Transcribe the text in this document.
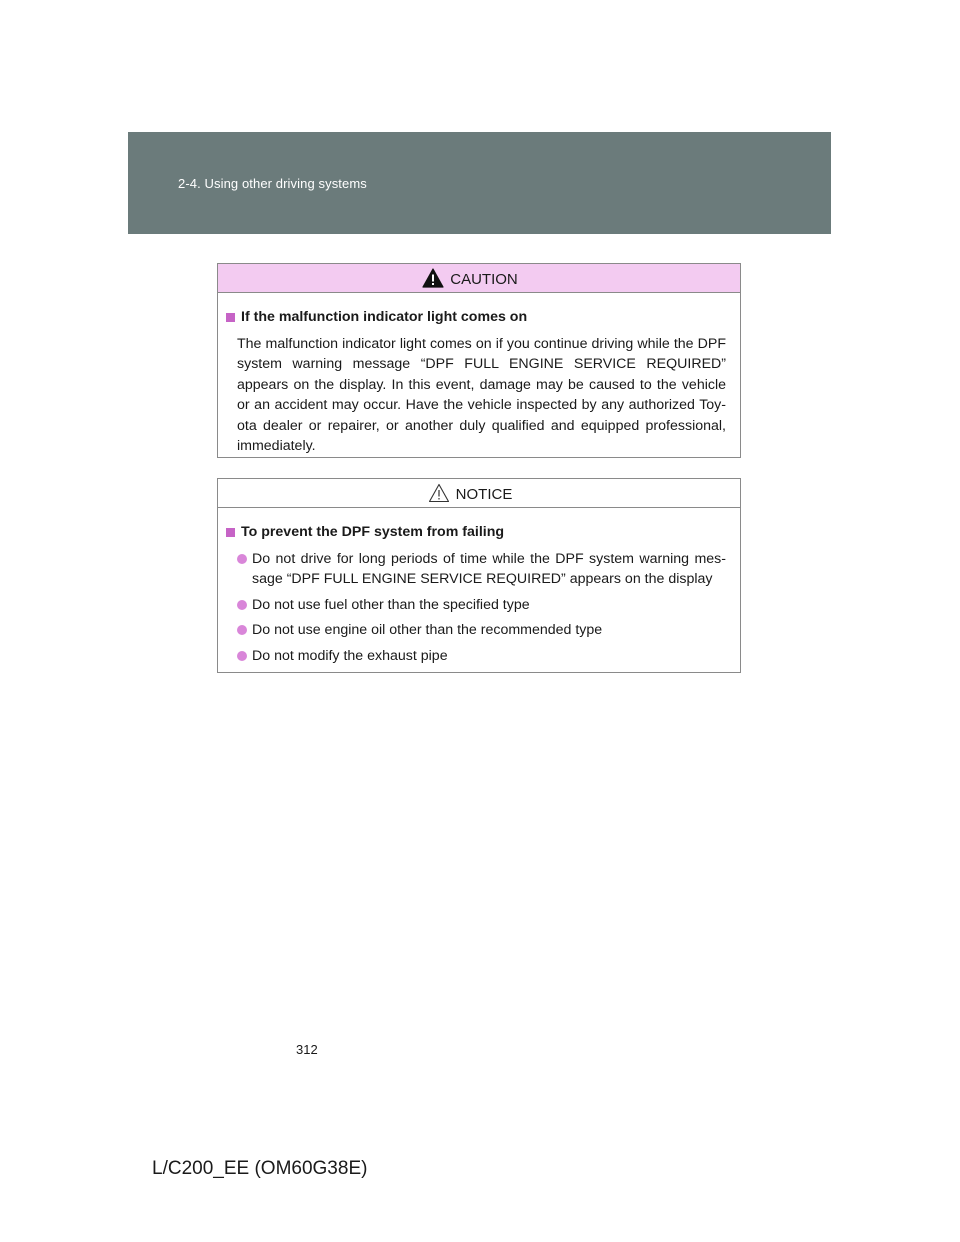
2-4. Using other driving systems
CAUTION
If the malfunction indicator light comes on
The malfunction indicator light comes on if you continue driving while the DPF system warning message “DPF FULL ENGINE SERVICE REQUIRED” appears on the display. In this event, damage may be caused to the vehicle or an accident may occur. Have the vehicle inspected by any authorized Toy-ota dealer or repairer, or another duly qualified and equipped professional, immediately.
NOTICE
To prevent the DPF system from failing
Do not drive for long periods of time while the DPF system warning mes-sage “DPF FULL ENGINE SERVICE REQUIRED” appears on the display
Do not use fuel other than the specified type
Do not use engine oil other than the recommended type
Do not modify the exhaust pipe
312
L/C200_EE (OM60G38E)
